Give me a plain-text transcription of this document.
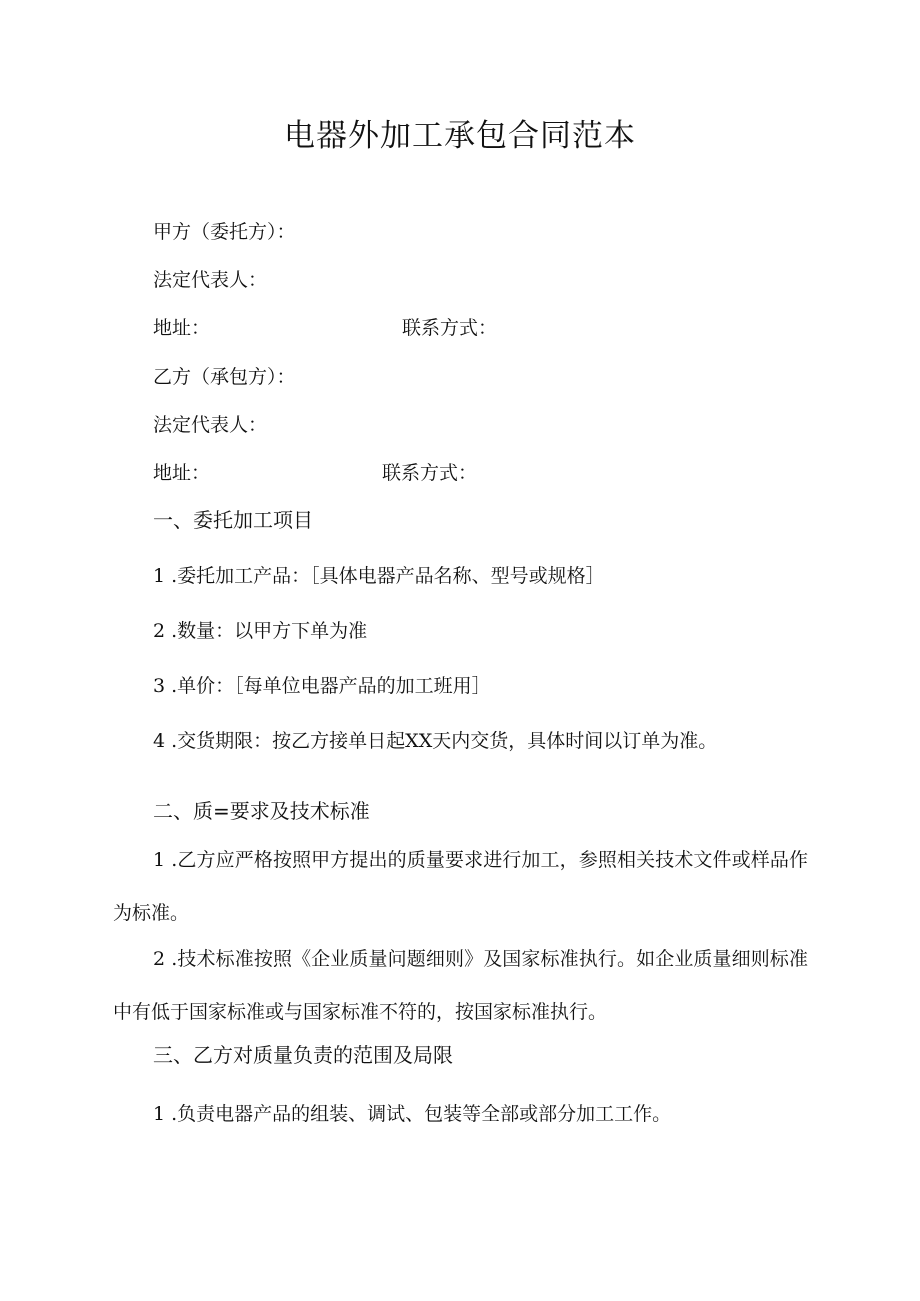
电器外加工承包合同范本
甲方（委托方）：
法定代表人：
地址：	联系方式：
乙方（承包方）：
法定代表人：
地址：	联系方式：
一、委托加工项目
1 .委托加工产品：［具体电器产品名称、型号或规格］
2 .数量：以甲方下单为准
3 .单价：［每单位电器产品的加工班用］
4 .交货期限：按乙方接单日起XX天内交货，具体时间以订单为准。
二、质=要求及技术标准
1 .乙方应严格按照甲方提出的质量要求进行加工，参照相关技术文件或样品作为标准。
2 .技术标准按照《企业质量问题细则》及国家标准执行。如企业质量细则标准中有低于国家标准或与国家标准不符的，按国家标准执行。
三、乙方对质量负责的范围及局限
1 .负责电器产品的组装、调试、包装等全部或部分加工工作。
